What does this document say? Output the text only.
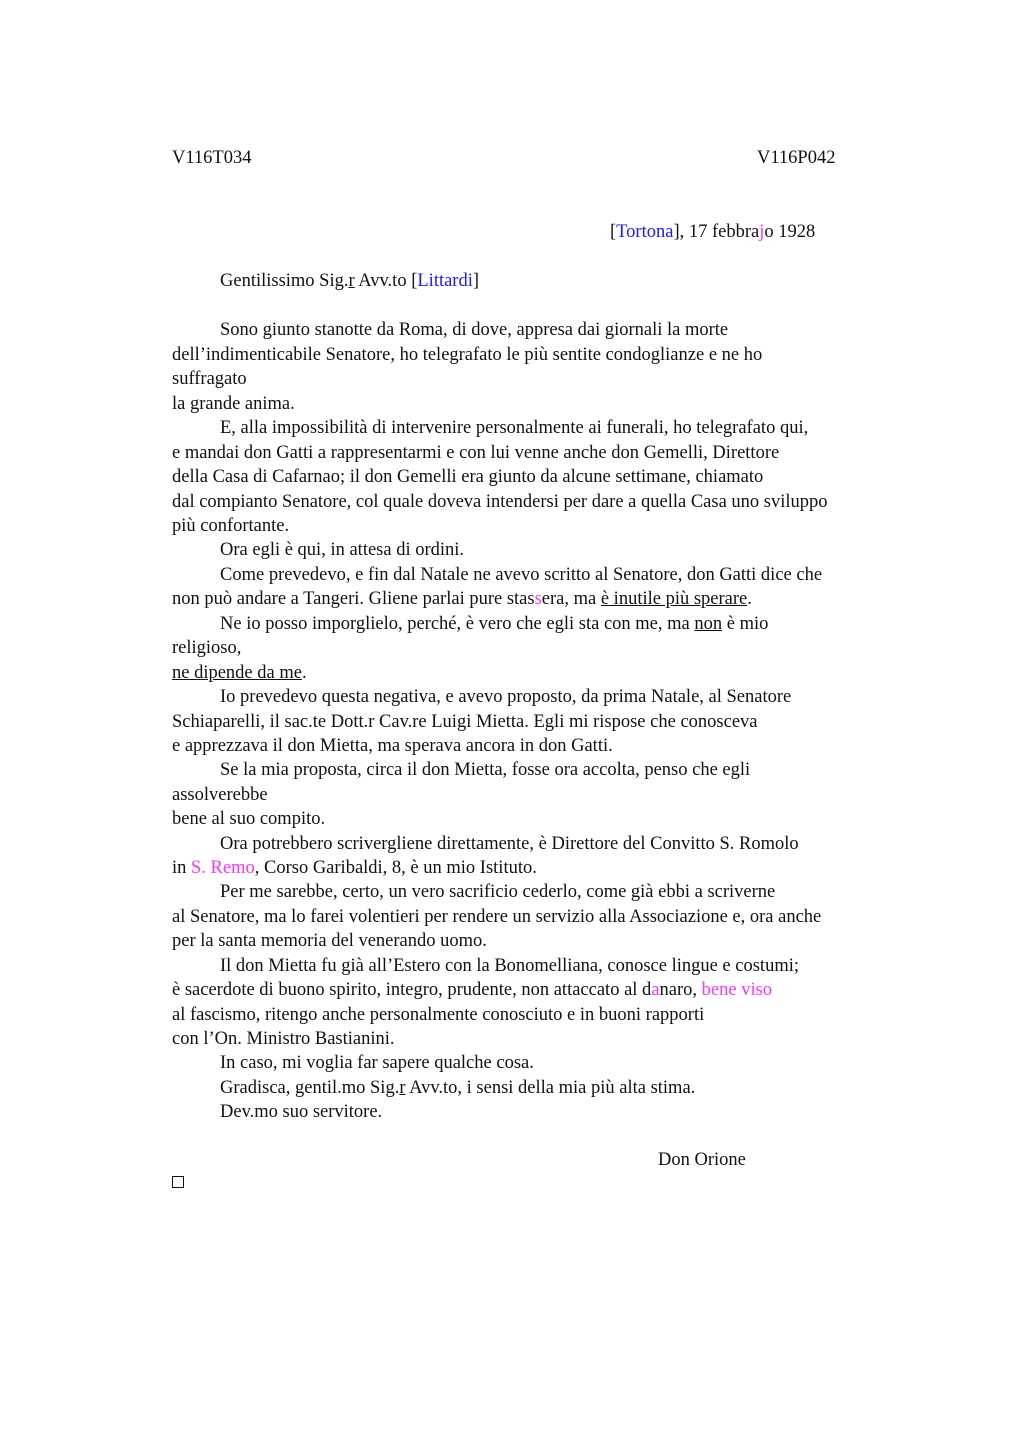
V116T034	V116P042
[Tortona], 17 febbrajo 1928
Gentilissimo Sig.r Avv.to [Littardi]
Sono giunto stanotte da Roma, di dove, appresa dai giornali la morte
dell’indimenticabile Senatore, ho telegrafato le più sentite condoglianze e ne ho
suffragato
la grande anima.
E, alla impossibilità di intervenire personalmente ai funerali, ho telegrafato qui,
e mandai don Gatti a rappresentarmi e con lui venne anche don Gemelli, Direttore
della Casa di Cafarnao; il don Gemelli era giunto da alcune settimane, chiamato
dal compianto Senatore, col quale doveva intendersi per dare a quella Casa uno sviluppo
più confortante.
Ora egli è qui, in attesa di ordini.
Come prevedevo, e fin dal Natale ne avevo scritto al Senatore, don Gatti dice che
non può andare a Tangeri. Gliene parlai pure stassera, ma è inutile più sperare.
Ne io posso imporglielo, perché, è vero che egli sta con me, ma non è mio
religioso,
ne dipende da me.
Io prevedevo questa negativa, e avevo proposto, da prima Natale, al Senatore
Schiaparelli, il sac.te Dott.r Cav.re Luigi Mietta. Egli mi rispose che conosceva
e apprezzava il don Mietta, ma sperava ancora in don Gatti.
Se la mia proposta, circa il don Mietta, fosse ora accolta, penso che egli
assolverebbe
bene al suo compito.
Ora potrebbero scrivergliene direttamente, è Direttore del Convitto S. Romolo
in S. Remo, Corso Garibaldi, 8, è un mio Istituto.
Per me sarebbe, certo, un vero sacrificio cederlo, come già ebbi a scriverne
al Senatore, ma lo farei volentieri per rendere un servizio alla Associazione e, ora anche
per la santa memoria del venerando uomo.
Il don Mietta fu già all’Estero con la Bonomelliana, conosce lingue e costumi;
è sacerdote di buono spirito, integro, prudente, non attaccato al danaro, bene viso
al fascismo, ritengo anche personalmente conosciuto e in buoni rapporti
con l’On. Ministro Bastianini.
In caso, mi voglia far sapere qualche cosa.
Gradisca, gentil.mo Sig.r Avv.to, i sensi della mia più alta stima.
Dev.mo suo servitore.
Don Orione
